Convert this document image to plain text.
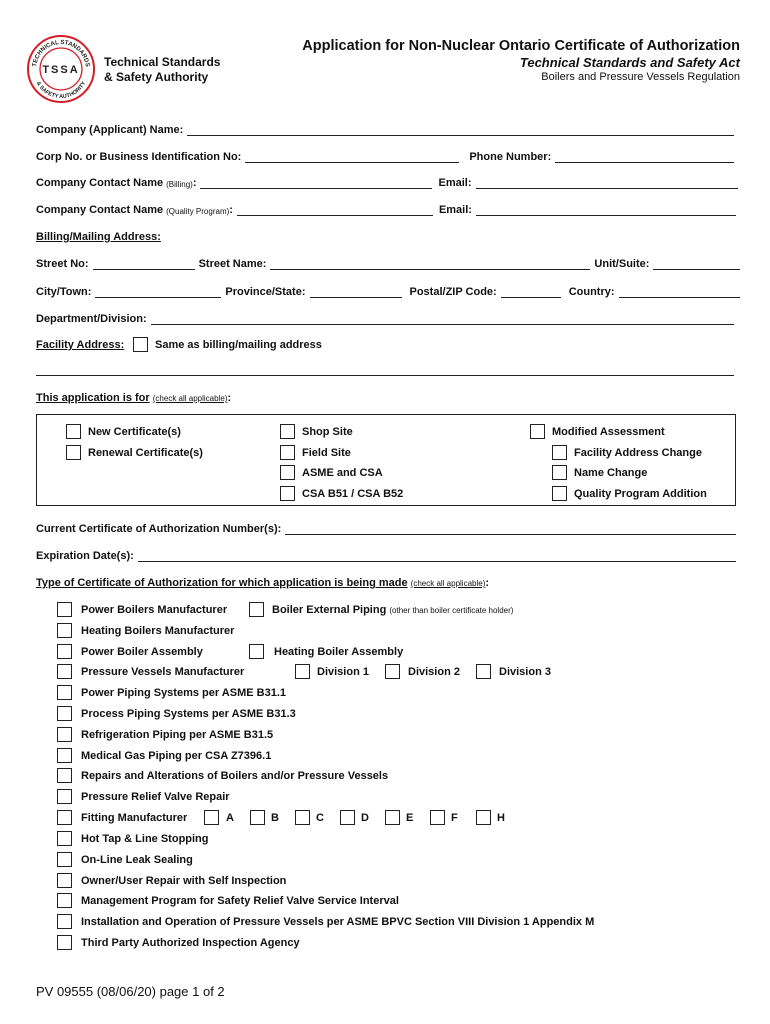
TECHNICAL STANDARDS
& SAFETY AUTHORITY
TSSA
Technical Standards
& Safety Authority
Application for Non-Nuclear Ontario Certificate of Authorization
Technical Standards and Safety Act
Boilers and Pressure Vessels Regulation
Company (Applicant) Name:
Corp No. or Business Identification No:	Phone Number:
Company Contact Name (Billing) :	Email:
Company Contact Name (Quality Program) :	Email:
Billing/Mailing Address:
Street No:	Street Name:	Unit/Suite:
City/Town:	Province/State:	Postal/ZIP Code:	Country:
Department/Division:
Facility Address:	Same as billing/mailing address
This application is for (check all applicable):
New Certificate(s)
Renewal Certificate(s)
Shop Site
Field Site
ASME and CSA
CSA B51 / CSA B52
Modified Assessment
Facility Address Change
Name Change
Quality Program Addition
Current Certificate of Authorization Number(s):
Expiration Date(s):
Type of Certificate of Authorization for which application is being made (check all applicable):
Power Boilers Manufacturer	Boiler External Piping (other than boiler certificate holder)
Heating Boilers Manufacturer
Power Boiler Assembly	Heating Boiler Assembly
Pressure Vessels Manufacturer	Division 1	Division 2	Division 3
Power Piping Systems per ASME B31.1
Process Piping Systems per ASME B31.3
Refrigeration Piping per ASME B31.5
Medical Gas Piping per CSA Z7396.1
Repairs and Alterations of Boilers and/or Pressure Vessels
Pressure Relief Valve Repair
Fitting Manufacturer	A	B	C	D	E	F	H
Hot Tap & Line Stopping
On-Line Leak Sealing
Owner/User Repair with Self Inspection
Management Program for Safety Relief Valve Service Interval
Installation and Operation of Pressure Vessels per ASME BPVC Section VIII Division 1 Appendix M
Third Party Authorized Inspection Agency
PV 09555 (08/06/20) page 1 of 2
